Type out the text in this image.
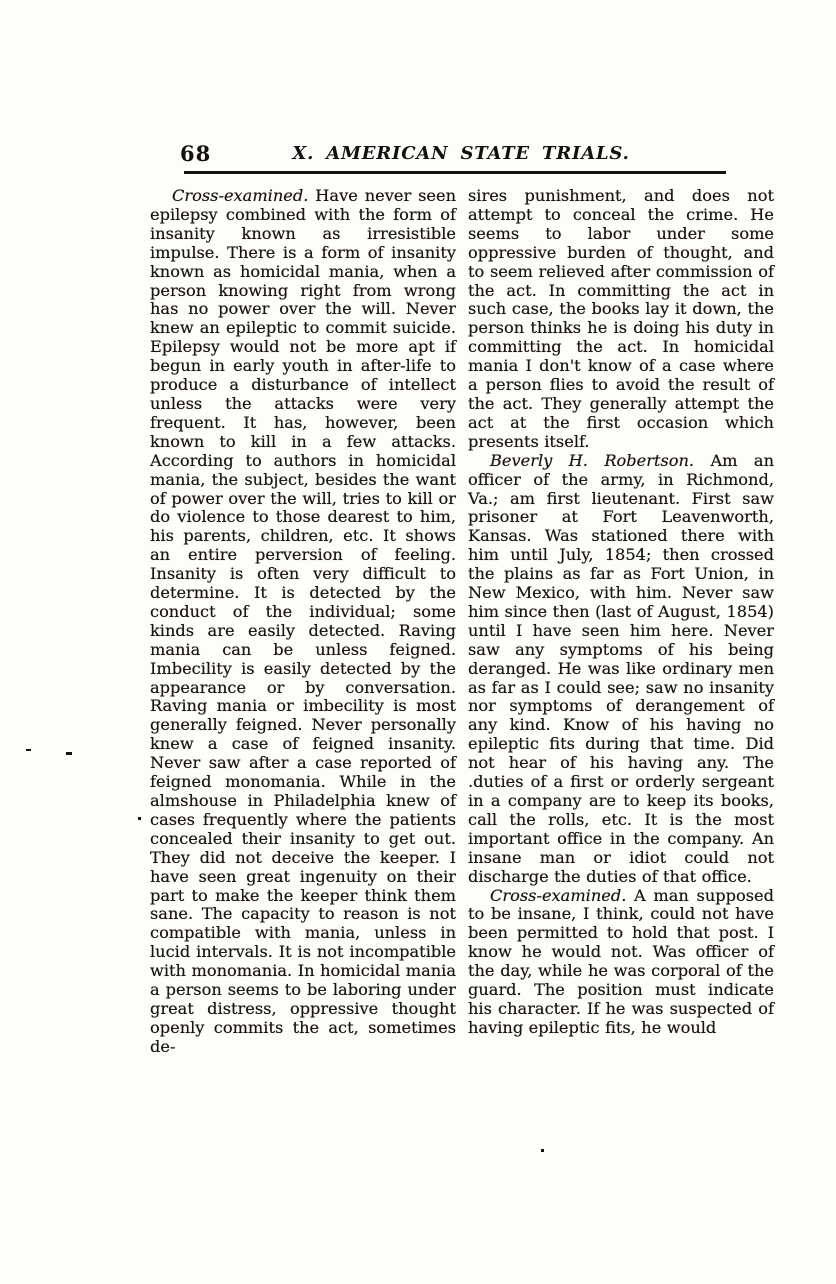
68	X. AMERICAN STATE TRIALS.

Cross-examined. Have never seen epilepsy combined with the form of insanity known as irresistible impulse. There is a form of insanity known as homicidal mania, when a person knowing right from wrong has no power over the will. Never knew an epileptic to commit suicide. Epilepsy would not be more apt if begun in early youth in after-life to produce a disturbance of intellect unless the attacks were very frequent. It has, however, been known to kill in a few attacks. According to authors in homicidal mania, the subject, besides the want of power over the will, tries to kill or do violence to those dearest to him, his parents, children, etc. It shows an entire perversion of feeling. Insanity is often very difficult to determine. It is detected by the conduct of the individual; some kinds are easily detected. Raving mania can be unless feigned. Imbecility is easily detected by the appearance or by conversation. Raving mania or imbecility is most generally feigned. Never personally knew a case of feigned insanity. Never saw after a case reported of feigned monomania. While in the almshouse in Philadelphia knew of cases frequently where the patients concealed their insanity to get out. They did not deceive the keeper. I have seen great ingenuity on their part to make the keeper think them sane. The capacity to reason is not compatible with mania, unless in lucid intervals. It is not incompatible with monomania. In homicidal mania a person seems to be laboring under great distress, oppressive thought openly commits the act, sometimes de-

sires punishment, and does not attempt to conceal the crime. He seems to labor under some oppressive burden of thought, and to seem relieved after commission of the act. In committing the act in such case, the books lay it down, the person thinks he is doing his duty in committing the act. In homicidal mania I don't know of a case where a person flies to avoid the result of the act. They generally attempt the act at the first occasion which presents itself.

Beverly H. Robertson. Am an officer of the army, in Richmond, Va.; am first lieutenant. First saw prisoner at Fort Leavenworth, Kansas. Was stationed there with him until July, 1854; then crossed the plains as far as Fort Union, in New Mexico, with him. Never saw him since then (last of August, 1854) until I have seen him here. Never saw any symptoms of his being deranged. He was like ordinary men as far as I could see; saw no insanity nor symptoms of derangement of any kind. Know of his having no epileptic fits during that time. Did not hear of his having any. The .duties of a first or orderly sergeant in a company are to keep its books, call the rolls, etc. It is the most important office in the company. An insane man or idiot could not discharge the duties of that office.

Cross-examined. A man supposed to be insane, I think, could not have been permitted to hold that post. I know he would not. Was officer of the day, while he was corporal of the guard. The position must indicate his character. If he was suspected of having epileptic fits, he would
